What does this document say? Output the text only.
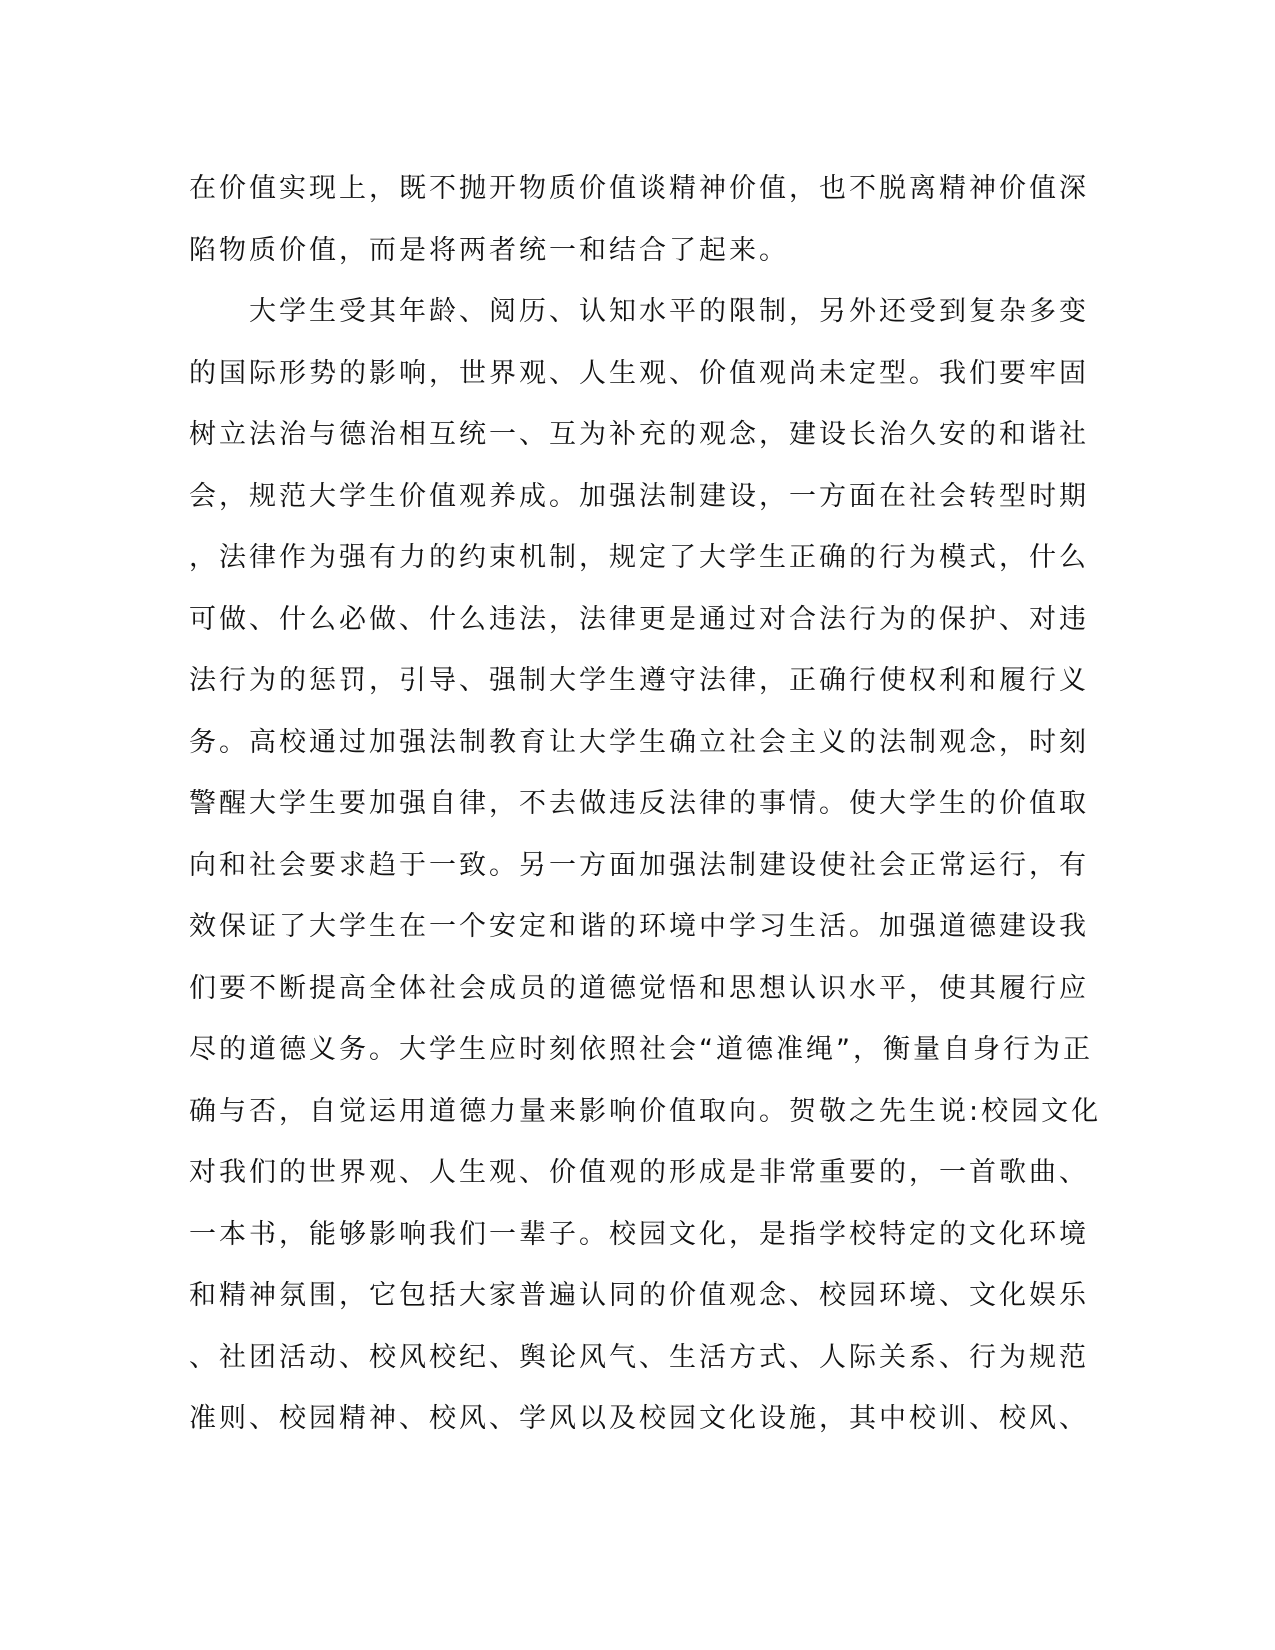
在价值实现上，既不抛开物质价值谈精神价值，也不脱离精神价值深
陷物质价值，而是将两者统一和结合了起来。
　　大学生受其年龄、阅历、认知水平的限制，另外还受到复杂多变
的国际形势的影响，世界观、人生观、价值观尚未定型。我们要牢固
树立法治与德治相互统一、互为补充的观念，建设长治久安的和谐社
会，规范大学生价值观养成。加强法制建设，一方面在社会转型时期
，法律作为强有力的约束机制，规定了大学生正确的行为模式，什么
可做、什么必做、什么违法，法律更是通过对合法行为的保护、对违
法行为的惩罚，引导、强制大学生遵守法律，正确行使权利和履行义
务。高校通过加强法制教育让大学生确立社会主义的法制观念，时刻
警醒大学生要加强自律，不去做违反法律的事情。使大学生的价值取
向和社会要求趋于一致。另一方面加强法制建设使社会正常运行，有
效保证了大学生在一个安定和谐的环境中学习生活。加强道德建设我
们要不断提高全体社会成员的道德觉悟和思想认识水平，使其履行应
尽的道德义务。大学生应时刻依照社会“道德准绳”，衡量自身行为正
确与否，自觉运用道德力量来影响价值取向。贺敬之先生说:校园文化
对我们的世界观、人生观、价值观的形成是非常重要的，一首歌曲、
一本书，能够影响我们一辈子。校园文化，是指学校特定的文化环境
和精神氛围，它包括大家普遍认同的价值观念、校园环境、文化娱乐
、社团活动、校风校纪、舆论风气、生活方式、人际关系、行为规范
准则、校园精神、校风、学风以及校园文化设施，其中校训、校风、
